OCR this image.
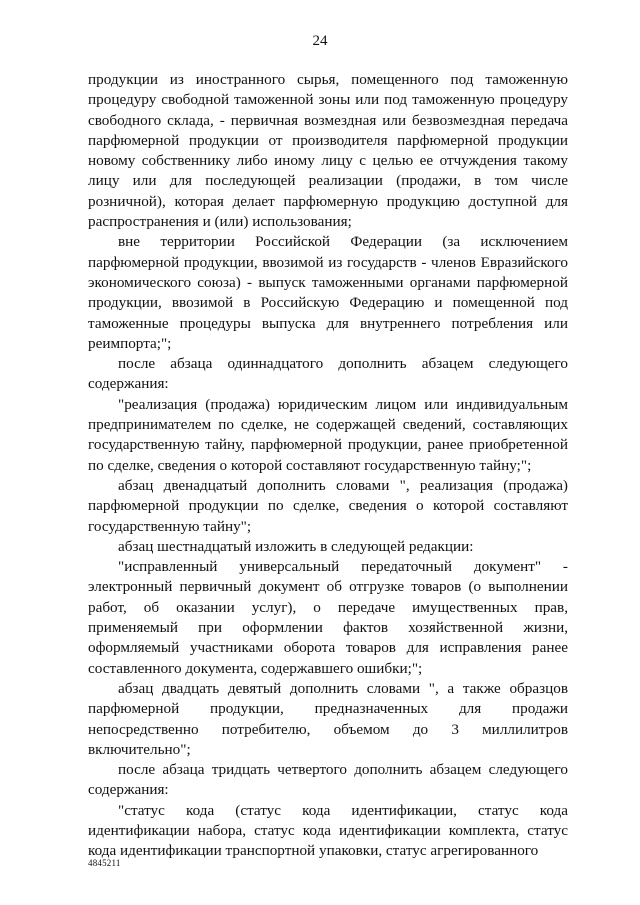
24

продукции из иностранного сырья, помещенного под таможенную процедуру свободной таможенной зоны или под таможенную процедуру свободного склада, - первичная возмездная или безвозмездная передача парфюмерной продукции от производителя парфюмерной продукции новому собственнику либо иному лицу с целью ее отчуждения такому лицу или для последующей реализации (продажи, в том числе розничной), которая делает парфюмерную продукцию доступной для распространения и (или) использования;

вне территории Российской Федерации (за исключением парфюмерной продукции, ввозимой из государств - членов Евразийского экономического союза) - выпуск таможенными органами парфюмерной продукции, ввозимой в Российскую Федерацию и помещенной под таможенные процедуры выпуска для внутреннего потребления или реимпорта;";

после абзаца одиннадцатого дополнить абзацем следующего содержания:

"реализация (продажа) юридическим лицом или индивидуальным предпринимателем по сделке, не содержащей сведений, составляющих государственную тайну, парфюмерной продукции, ранее приобретенной по сделке, сведения о которой составляют государственную тайну;";

абзац двенадцатый дополнить словами ", реализация (продажа) парфюмерной продукции по сделке, сведения о которой составляют государственную тайну";

абзац шестнадцатый изложить в следующей редакции:

"исправленный универсальный передаточный документ" - электронный первичный документ об отгрузке товаров (о выполнении работ, об оказании услуг), о передаче имущественных прав, применяемый при оформлении фактов хозяйственной жизни, оформляемый участниками оборота товаров для исправления ранее составленного документа, содержавшего ошибки;";

абзац двадцать девятый дополнить словами ", а также образцов парфюмерной продукции, предназначенных для продажи непосредственно потребителю, объемом до 3 миллилитров включительно";

после абзаца тридцать четвертого дополнить абзацем следующего содержания:

"статус кода (статус кода идентификации, статус кода идентификации набора, статус кода идентификации комплекта, статус кода идентификации транспортной упаковки, статус агрегированного

4845211
